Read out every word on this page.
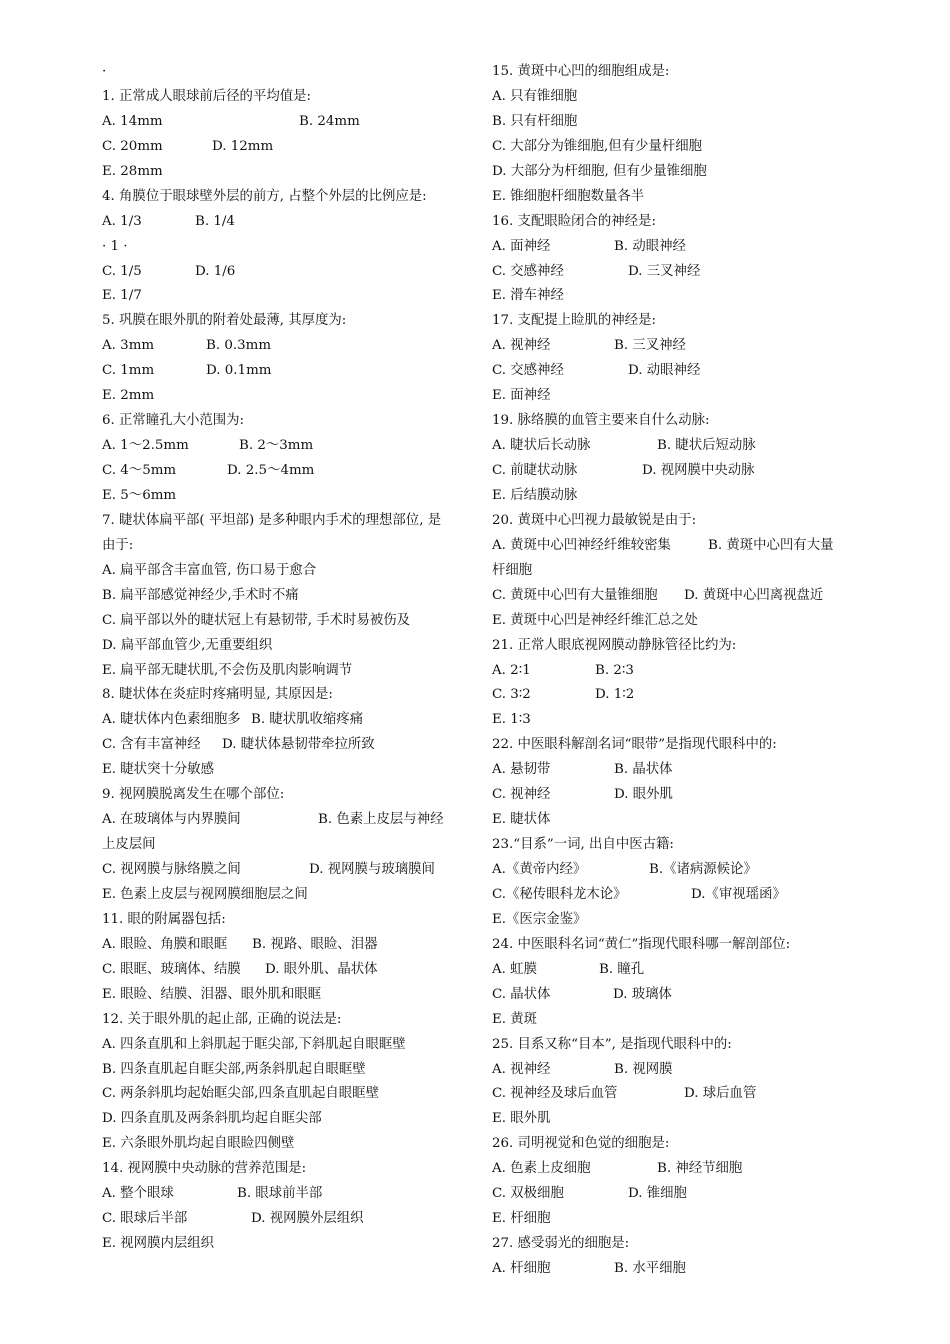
·
1. 正常成人眼球前后径的平均值是:
A. 14mm	B. 24mm
C. 20mm	D. 12mm
E. 28mm
4. 角膜位于眼球壁外层的前方, 占整个外层的比例应是:
A. 1/3	B. 1/4
· 1 ·
C. 1/5	D. 1/6
E. 1/7
5. 巩膜在眼外肌的附着处最薄, 其厚度为:
A. 3mm	B. 0.3mm
C. 1mm	D. 0.1mm
E. 2mm
6. 正常瞳孔大小范围为:
A. 1～2.5mm	B. 2～3mm
C. 4～5mm	D. 2.5～4mm
E. 5～6mm
7. 睫状体扁平部( 平坦部) 是多种眼内手术的理想部位, 是
由于:
A. 扁平部含丰富血管, 伤口易于愈合
B. 扁平部感觉神经少,手术时不痛
C. 扁平部以外的睫状冠上有悬韧带, 手术时易被伤及
D. 扁平部血管少,无重要组织
E. 扁平部无睫状肌,不会伤及肌肉影响调节
8. 睫状体在炎症时疼痛明显, 其原因是:
A. 睫状体内色素细胞多 B. 睫状肌收缩疼痛
C. 含有丰富神经 D. 睫状体悬韧带牵拉所致
E. 睫状突十分敏感
9. 视网膜脱离发生在哪个部位:
A. 在玻璃体与内界膜间	B. 色素上皮层与神经
上皮层间
C. 视网膜与脉络膜之间	D. 视网膜与玻璃膜间
E. 色素上皮层与视网膜细胞层之间
11. 眼的附属器包括:
A. 眼睑、角膜和眼眶 B. 视路、眼睑、泪器
C. 眼眶、玻璃体、结膜 D. 眼外肌、晶状体
E. 眼睑、结膜、泪器、眼外肌和眼眶
12. 关于眼外肌的起止部, 正确的说法是:
A. 四条直肌和上斜肌起于眶尖部,下斜肌起自眼眶壁
B. 四条直肌起自眶尖部,两条斜肌起自眼眶壁
C. 两条斜肌均起始眶尖部,四条直肌起自眼眶壁
D. 四条直肌及两条斜肌均起自眶尖部
E. 六条眼外肌均起自眼睑四侧壁
14. 视网膜中央动脉的营养范围是:
A. 整个眼球	B. 眼球前半部
C. 眼球后半部	D. 视网膜外层组织
E. 视网膜内层组织
15. 黄斑中心凹的细胞组成是:
A. 只有锥细胞
B. 只有杆细胞
C. 大部分为锥细胞,但有少量杆细胞
D. 大部分为杆细胞, 但有少量锥细胞
E. 锥细胞杆细胞数量各半
16. 支配眼睑闭合的神经是:
A. 面神经	B. 动眼神经
C. 交感神经	D. 三叉神经
E. 滑车神经
17. 支配提上睑肌的神经是:
A. 视神经	B. 三叉神经
C. 交感神经	D. 动眼神经
E. 面神经
19. 脉络膜的血管主要来自什么动脉:
A. 睫状后长动脉	B. 睫状后短动脉
C. 前睫状动脉	D. 视网膜中央动脉
E. 后结膜动脉
20. 黄斑中心凹视力最敏锐是由于:
A. 黄斑中心凹神经纤维较密集	B. 黄斑中心凹有大量
杆细胞
C. 黄斑中心凹有大量锥细胞 D. 黄斑中心凹离视盘近
E. 黄斑中心凹是神经纤维汇总之处
21. 正常人眼底视网膜动静脉管径比约为:
A. 2∶1	B. 2∶3
C. 3∶2	D. 1∶2
E. 1∶3
22. 中医眼科解剖名词“眼带”是指现代眼科中的:
A. 悬韧带	B. 晶状体
C. 视神经	D. 眼外肌
E. 睫状体
23.“目系”一词, 出自中医古籍:
A.《黄帝内经》	B.《诸病源候论》
C.《秘传眼科龙木论》	D.《审视瑶函》
E.《医宗金鉴》
24. 中医眼科名词“黄仁”指现代眼科哪一解剖部位:
A. 虹膜	B. 瞳孔
C. 晶状体	D. 玻璃体
E. 黄斑
25. 目系又称“目本”, 是指现代眼科中的:
A. 视神经	B. 视网膜
C. 视神经及球后血管	D. 球后血管
E. 眼外肌
26. 司明视觉和色觉的细胞是:
A. 色素上皮细胞	B. 神经节细胞
C. 双极细胞	D. 锥细胞
E. 杆细胞
27. 感受弱光的细胞是:
A. 杆细胞	B. 水平细胞
